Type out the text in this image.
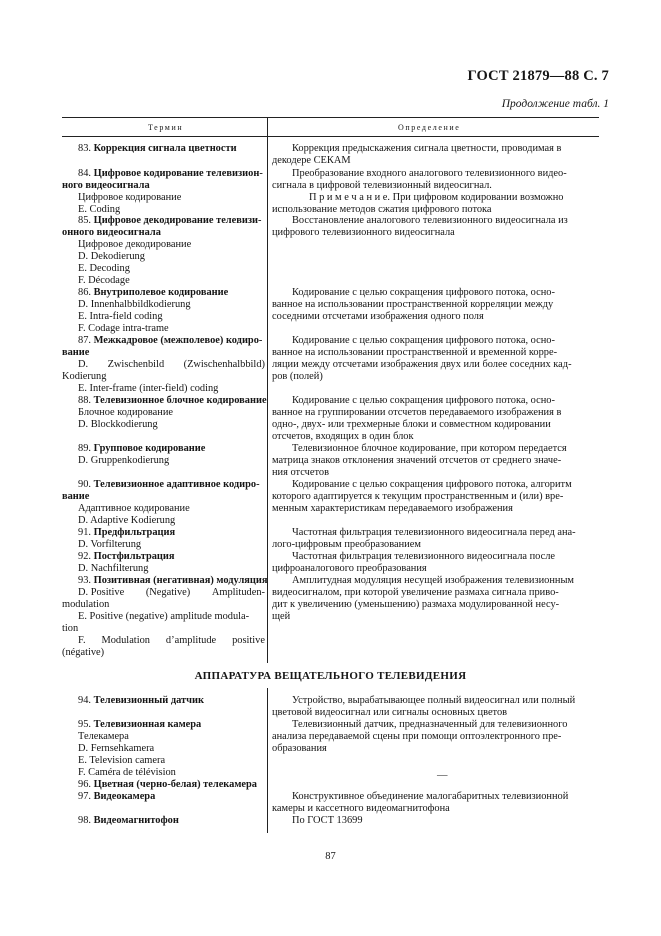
ГОСТ 21879—88 С. 7
Продолжение табл. 1
Термин	Определение
83. Коррекция сигнала цветности
84. Цифровое кодирование телевизион-
ного видеосигнала
Цифровое кодирование
E. Coding
85. Цифровое декодирование телевизи-
онного видеосигнала
Цифровое декодирование
D. Dekodierung
E. Decoding
F. Décodage
86. Внутриполевое кодирование
D. Innenhalbbildkodierung
E. Intra-field coding
F. Codage intra-trame
87. Межкадровое (межполевое) кодиро-
вание
D. Zwischenbild (Zwischenhalbbild)
Kodierung
E. Inter-frame (inter-field) coding
88. Телевизионное блочное кодирование
Блочное кодирование
D. Blockkodierung
89. Групповое кодирование
D. Gruppenkodierung
90. Телевизионное адаптивное кодиро-
вание
Адаптивное кодирование
D. Adaptive Kodierung
91. Предфильтрация
D. Vorfilterung
92. Постфильтрация
D. Nachfilterung
93. Позитивная (негативная) модуляция
D. Positive (Negative) Amplituden-
modulation
E. Positive (negative) amplitude modula-
tion
F. Modulation d’amplitude positive
(négative)
АППАРАТУРА ВЕЩАТЕЛЬНОГО ТЕЛЕВИДЕНИЯ
94. Телевизионный датчик
95. Телевизионная камера
Телекамера
D. Fernsehkamera
E. Television camera
F. Caméra de télévision
96. Цветная (черно-белая) телекамера
97. Видеокамера
98. Видеомагнитофон
Коррекция предыскажения сигнала цветности, проводимая в
декодере СЕКАМ
Преобразование входного аналогового телевизионного видео-
сигнала в цифровой телевизионный видеосигнал.
П р и м е ч а н и е. При цифровом кодировании возможно
использование методов сжатия цифрового потока
Восстановление аналогового телевизионного видеосигнала из
цифрового телевизионного видеосигнала
Кодирование с целью сокращения цифрового потока, осно-
ванное на использовании пространственной корреляции между
соседними отсчетами изображения одного поля
Кодирование с целью сокращения цифрового потока, осно-
ванное на использовании пространственной и временной корре-
ляции между отсчетами изображения двух или более соседних кад-
ров (полей)
Кодирование с целью сокращения цифрового потока, осно-
ванное на группировании отсчетов передаваемого изображения в
одно-, двух- или трехмерные блоки и совместном кодировании
отсчетов, входящих в один блок
Телевизионное блочное кодирование, при котором передается
матрица знаков отклонения значений отсчетов от среднего значе-
ния отсчетов
Кодирование с целью сокращения цифрового потока, алгоритм
которого адаптируется к текущим пространственным и (или) вре-
менным характеристикам передаваемого изображения
Частотная фильтрация телевизионного видеосигнала перед ана-
лого-цифровым преобразованием
Частотная фильтрация телевизионного видеосигнала после
цифроаналогового преобразования
Амплитудная модуляция несущей изображения телевизионным
видеосигналом, при которой увеличение размаха сигнала приво-
дит к увеличению (уменьшению) размаха модулированной несу-
щей
Устройство, вырабатывающее полный видеосигнал или полный
цветовой видеосигнал или сигналы основных цветов
Телевизионный датчик, предназначенный для телевизионного
анализа передаваемой сцены при помощи оптоэлектронного пре-
образования
—
Конструктивное объединение малогабаритных телевизионной
камеры и кассетного видеомагнитофона
По ГОСТ 13699
87
